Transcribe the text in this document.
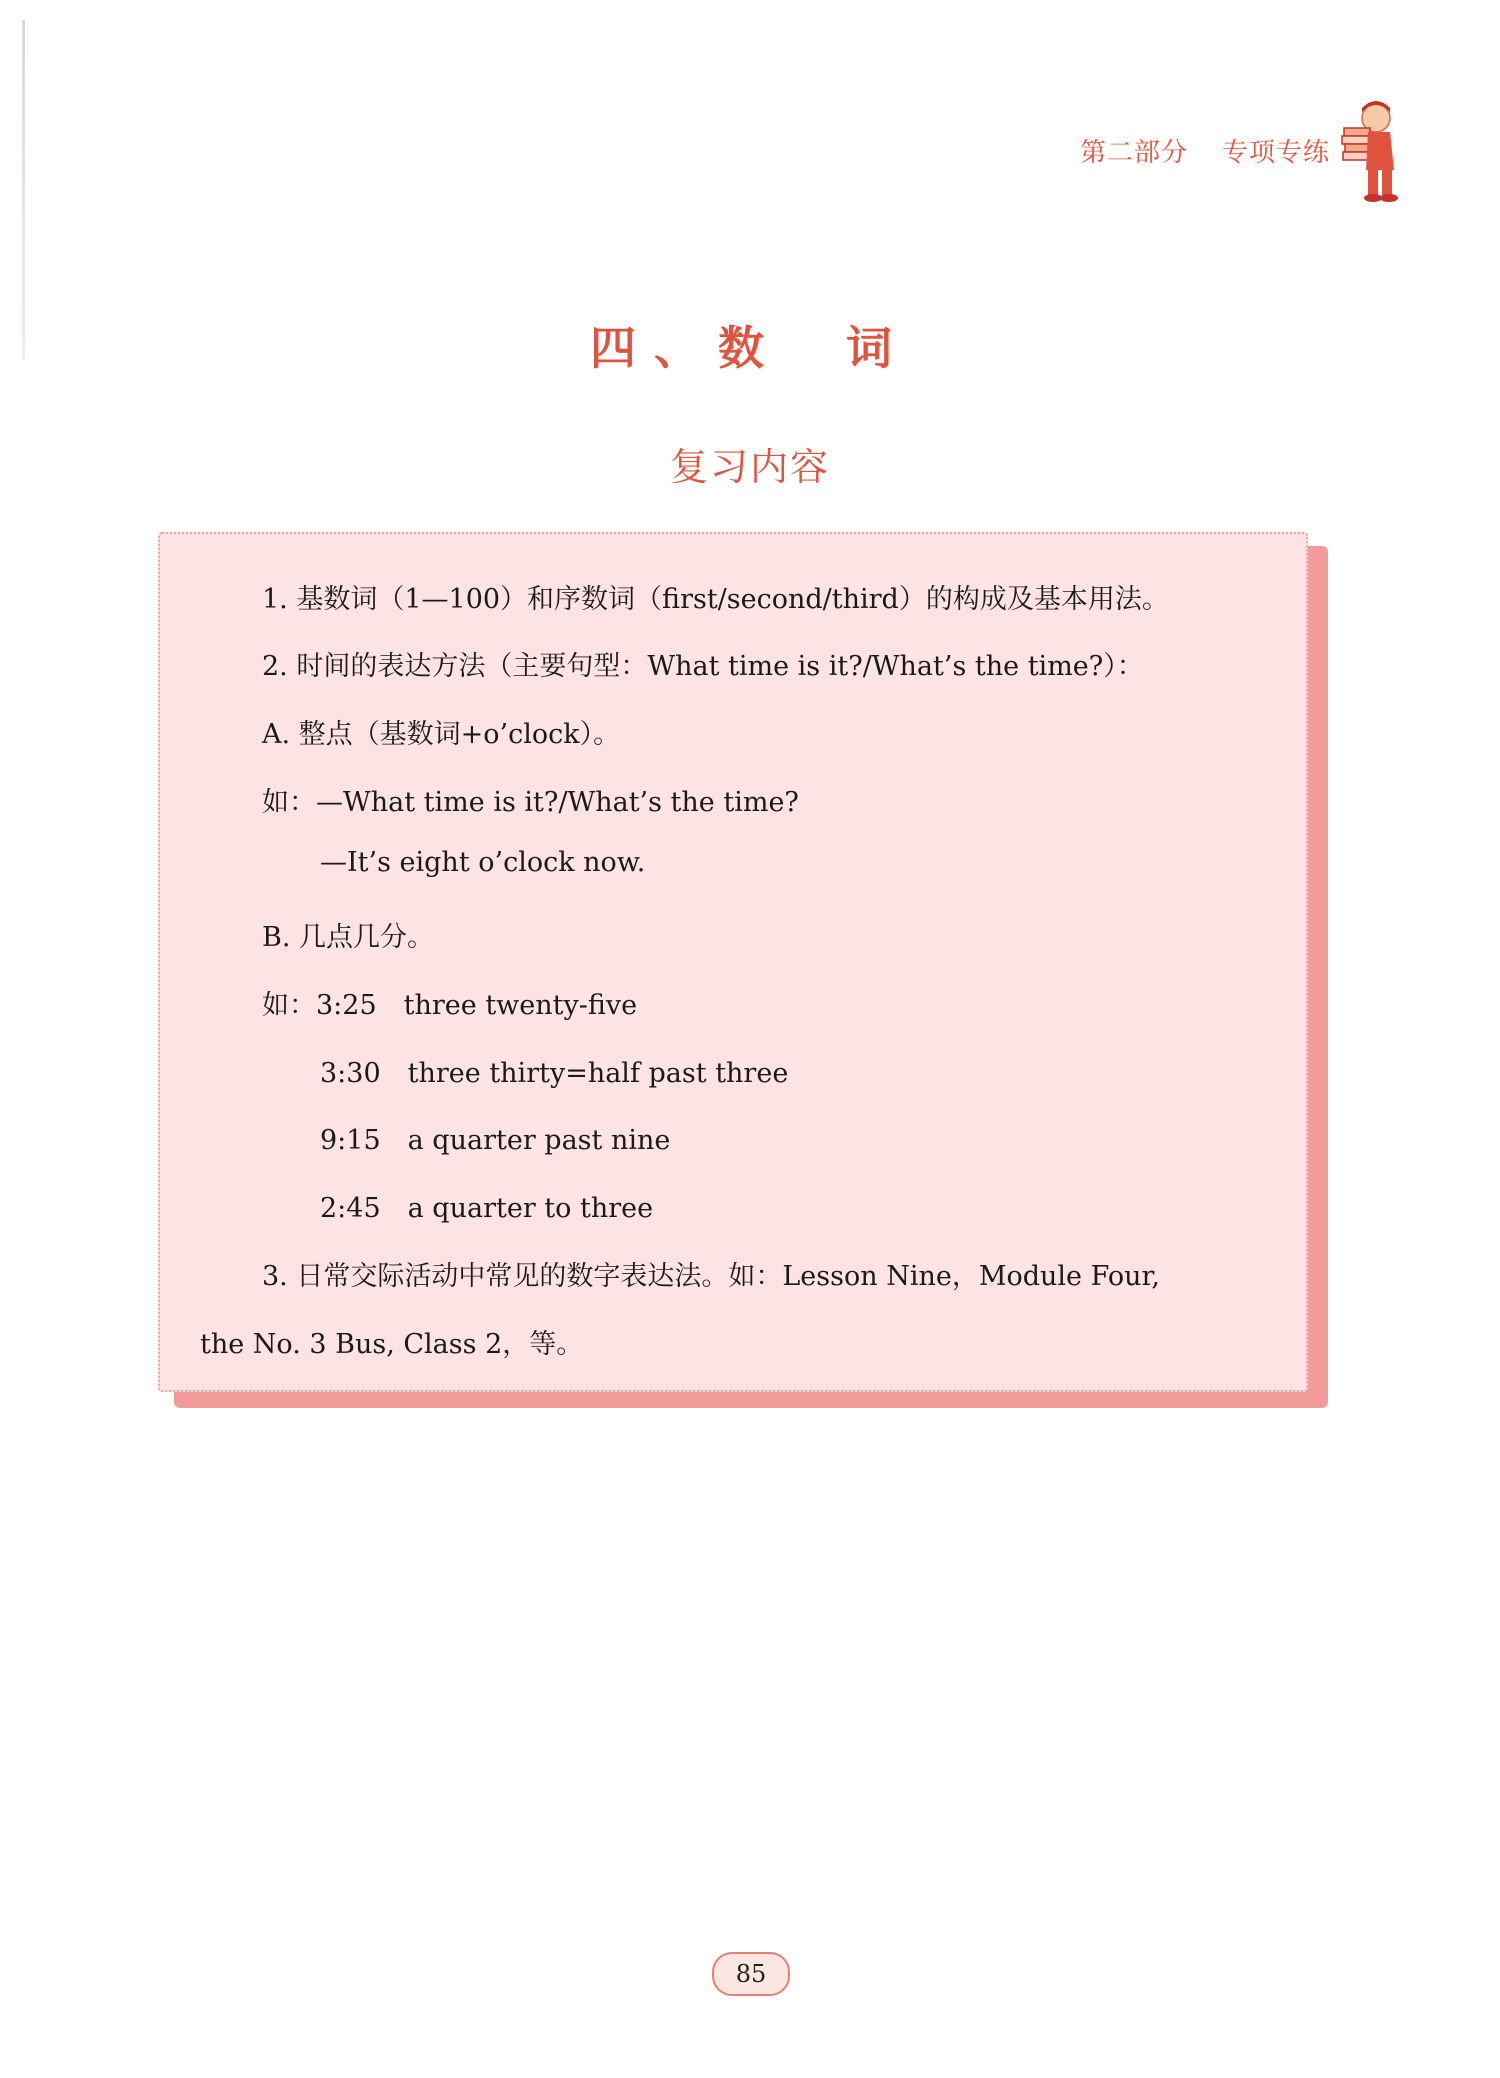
第二部分 专项专练
四、数　词
复习内容
1. 基数词（1—100）和序数词（first/second/third）的构成及基本用法。
2. 时间的表达方法（主要句型：What time is it?/What’s the time?）：
A. 整点（基数词+o’clock）。
如：—What time is it?/What’s the time?
—It’s eight o’clock now.
B. 几点几分。
如：3:25　three twenty-five
3:30　three thirty=half past three
9:15　a quarter past nine
2:45　a quarter to three
3. 日常交际活动中常见的数字表达法。如：Lesson Nine，Module Four,
the No. 3 Bus, Class 2，等。
85
